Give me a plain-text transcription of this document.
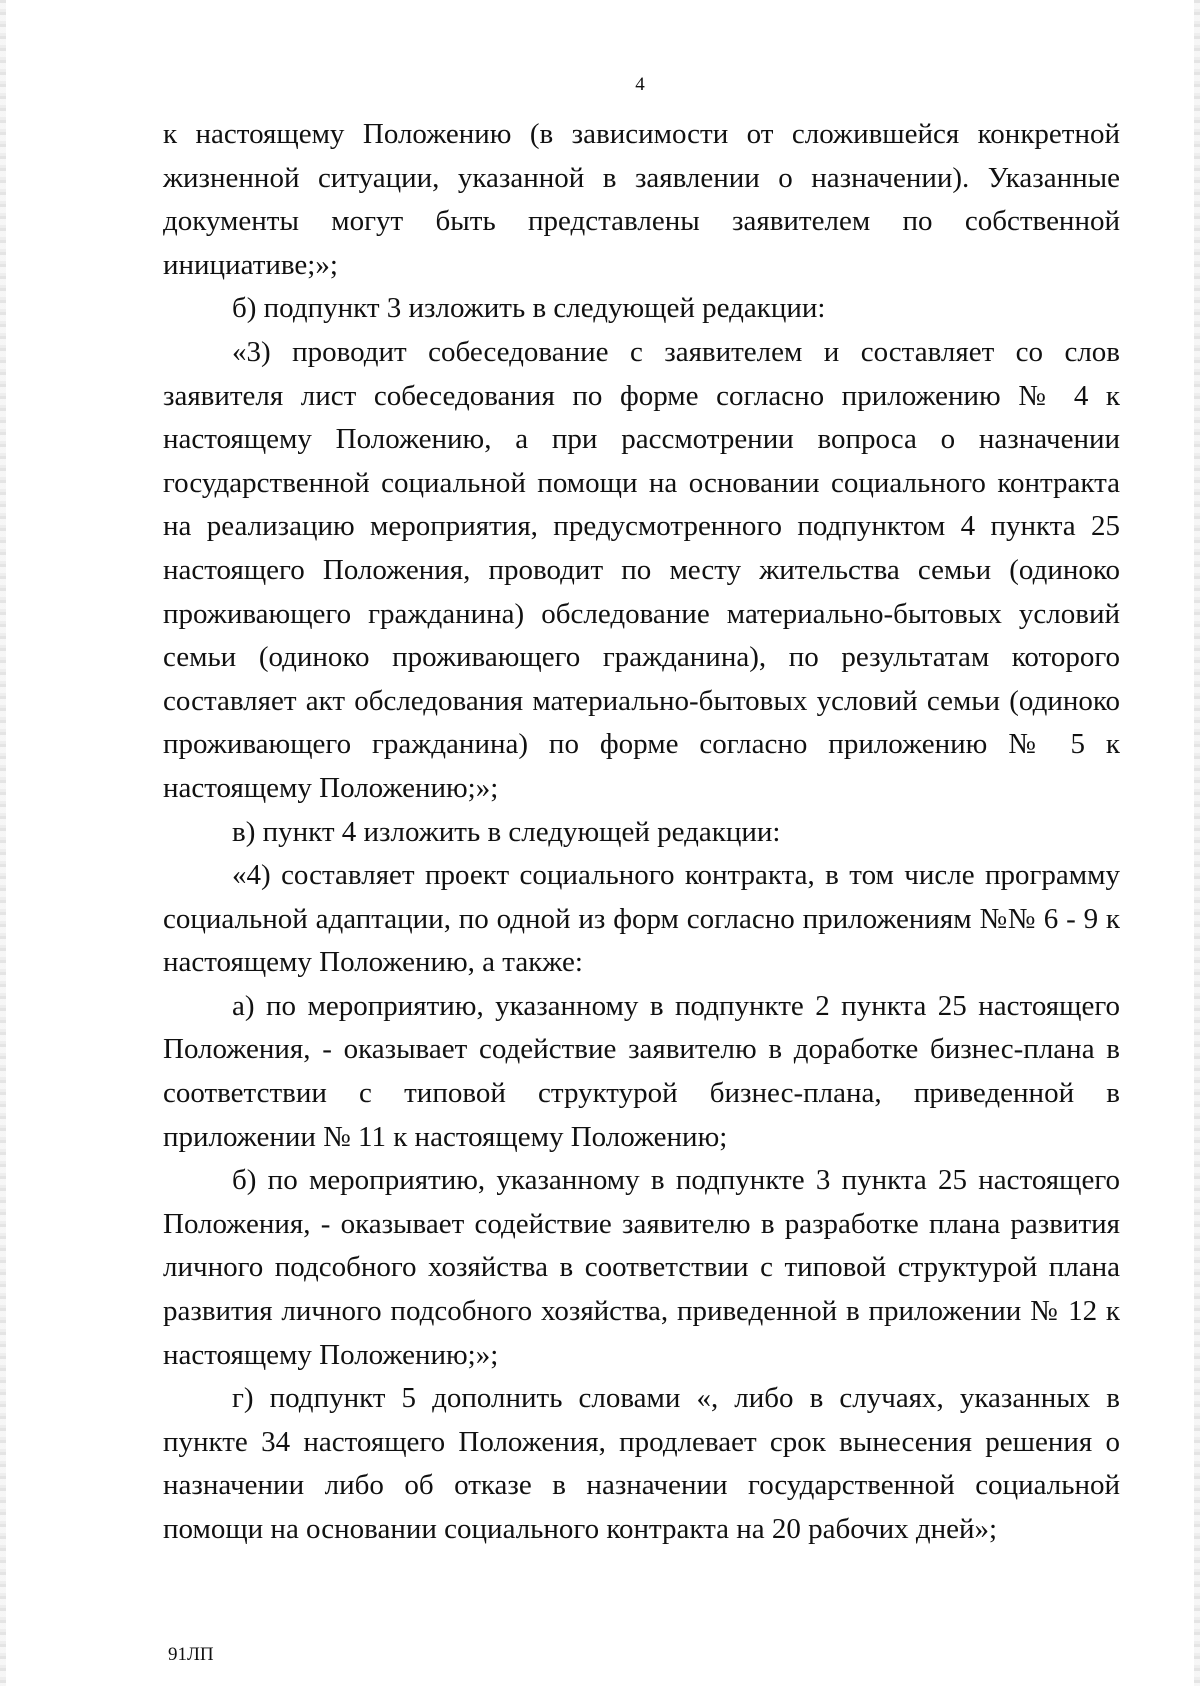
4

к настоящему Положению (в зависимости от сложившейся конкретной жизненной ситуации, указанной в заявлении о назначении). Указанные документы могут быть представлены заявителем по собственной инициативе;»;

б) подпункт 3 изложить в следующей редакции:

«3) проводит собеседование с заявителем и составляет со слов заявителя лист собеседования по форме согласно приложению № 4 к настоящему Положению, а при рассмотрении вопроса о назначении государственной социальной помощи на основании социального контракта на реализацию мероприятия, предусмотренного подпунктом 4 пункта 25 настоящего Положения, проводит по месту жительства семьи (одиноко проживающего гражданина) обследование материально-бытовых условий семьи (одиноко проживающего гражданина), по результатам которого составляет акт обследования материально-бытовых условий семьи (одиноко проживающего гражданина) по форме согласно приложению № 5 к настоящему Положению;»;

в) пункт 4 изложить в следующей редакции:

«4) составляет проект социального контракта, в том числе программу социальной адаптации, по одной из форм согласно приложениям №№ 6 - 9 к настоящему Положению, а также:

а) по мероприятию, указанному в подпункте 2 пункта 25 настоящего Положения, - оказывает содействие заявителю в доработке бизнес-плана в соответствии с типовой структурой бизнес-плана, приведенной в приложении № 11 к настоящему Положению;

б) по мероприятию, указанному в подпункте 3 пункта 25 настоящего Положения, - оказывает содействие заявителю в разработке плана развития личного подсобного хозяйства в соответствии с типовой структурой плана развития личного подсобного хозяйства, приведенной в приложении № 12 к настоящему Положению;»;

г) подпункт 5 дополнить словами «, либо в случаях, указанных в пункте 34 настоящего Положения, продлевает срок вынесения решения о назначении либо об отказе в назначении государственной социальной помощи на основании социального контракта на 20 рабочих дней»;

91ЛП
